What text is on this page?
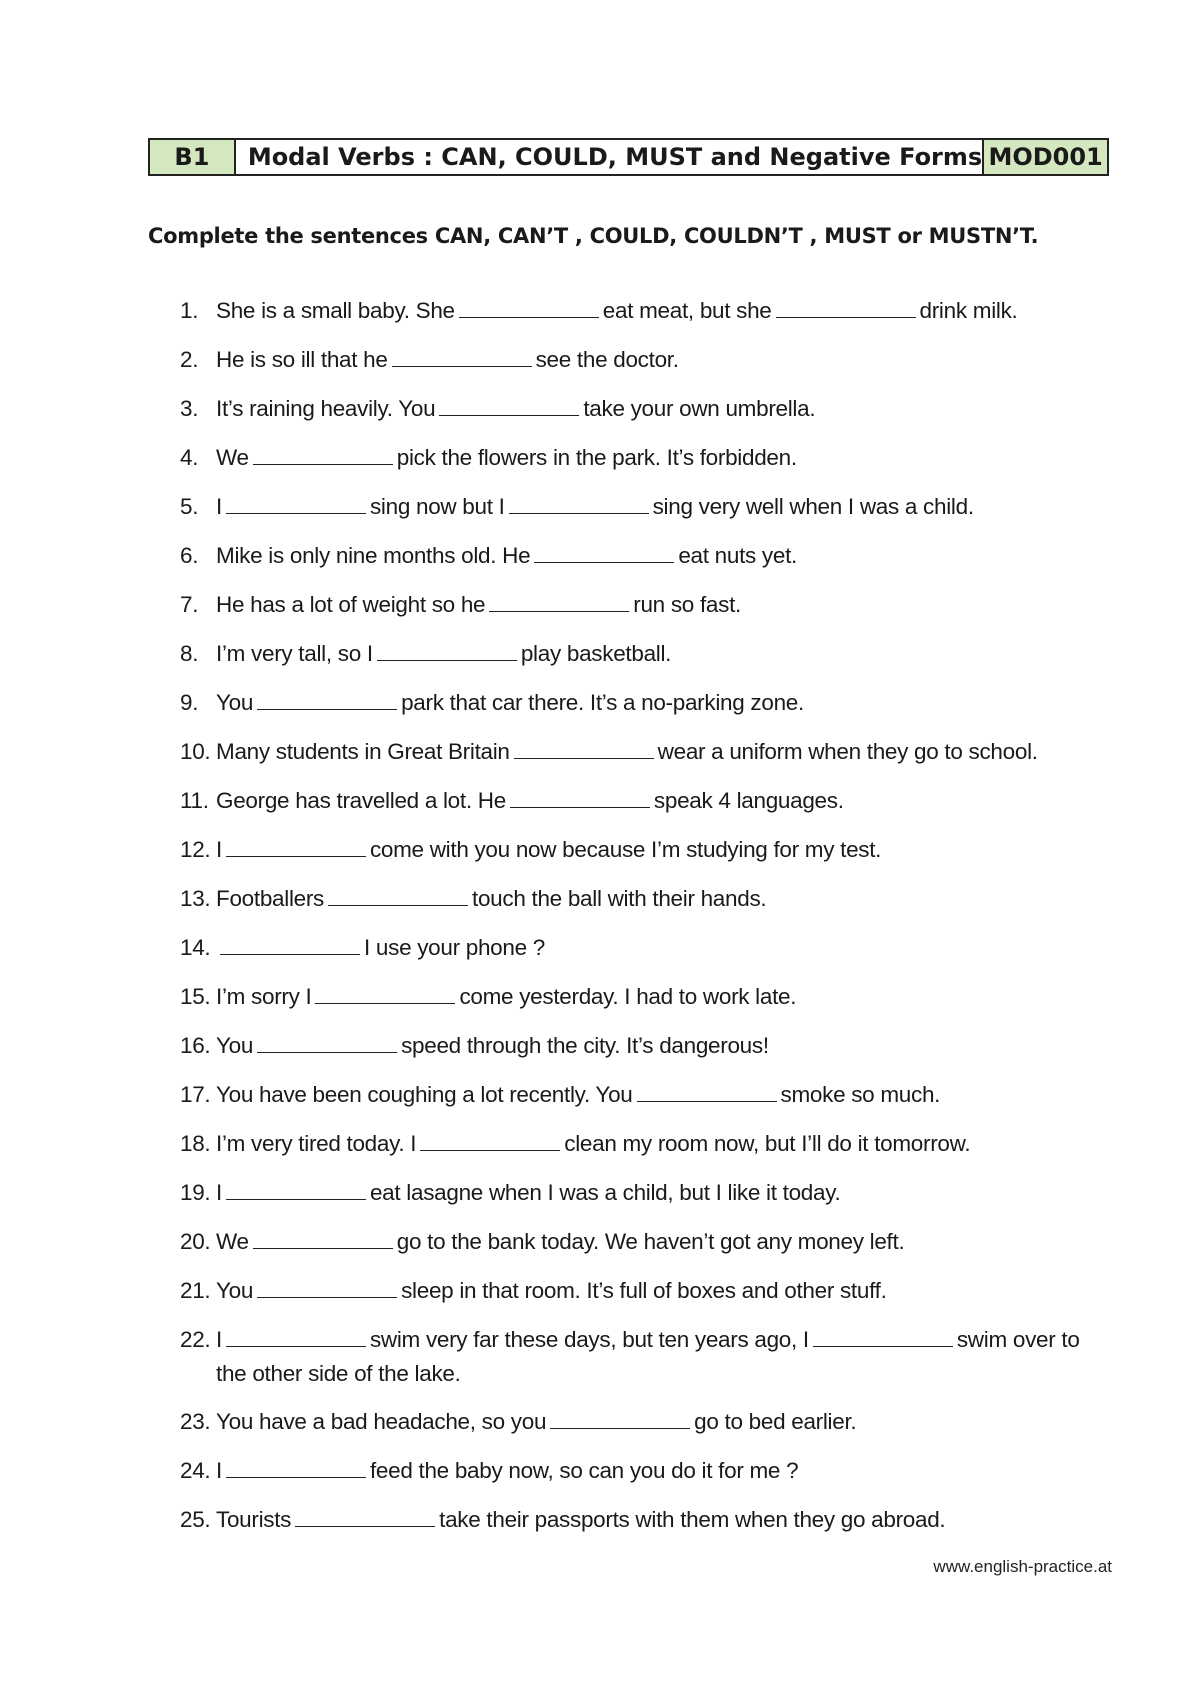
B1	Modal Verbs : CAN, COULD, MUST and Negative Forms MOD001
Complete the sentences CAN, CAN’T , COULD, COULDN’T , MUST or MUSTN’T.
1. She is a small baby. She	eat meat, but she	drink milk.
2. He is so ill that he	see the doctor.
3. It’s raining heavily. You	take your own umbrella.
4. We	pick the flowers in the park. It’s forbidden.
5. I	sing now but I	sing very well when I was a child.
6. Mike is only nine months old. He	eat nuts yet.
7. He has a lot of weight so he	run so fast.
8. I’m very tall, so I	play basketball.
9. You	park that car there. It’s a no-parking zone.
10. Many students in Great Britain	wear a uniform when they go to school.
11. George has travelled a lot. He	speak 4 languages.
12. I	come with you now because I’m studying for my test.
13. Footballers	touch the ball with their hands.
14.	I use your phone ?
15. I’m sorry I	come yesterday. I had to work late.
16. You	speed through the city. It’s dangerous!
17. You have been coughing a lot recently. You	smoke so much.
18. I’m very tired today. I	clean my room now, but I’ll do it tomorrow.
19. I	eat lasagne when I was a child, but I like it today.
20. We	go to the bank today. We haven’t got any money left.
21. You	sleep in that room. It’s full of boxes and other stuff.
22. I	swim very far these days, but ten years ago, I	swim over to the other side of the lake.
23. You have a bad headache, so you	go to bed earlier.
24. I	feed the baby now, so can you do it for me ?
25. Tourists	take their passports with them when they go abroad.
www.english-practice.at
